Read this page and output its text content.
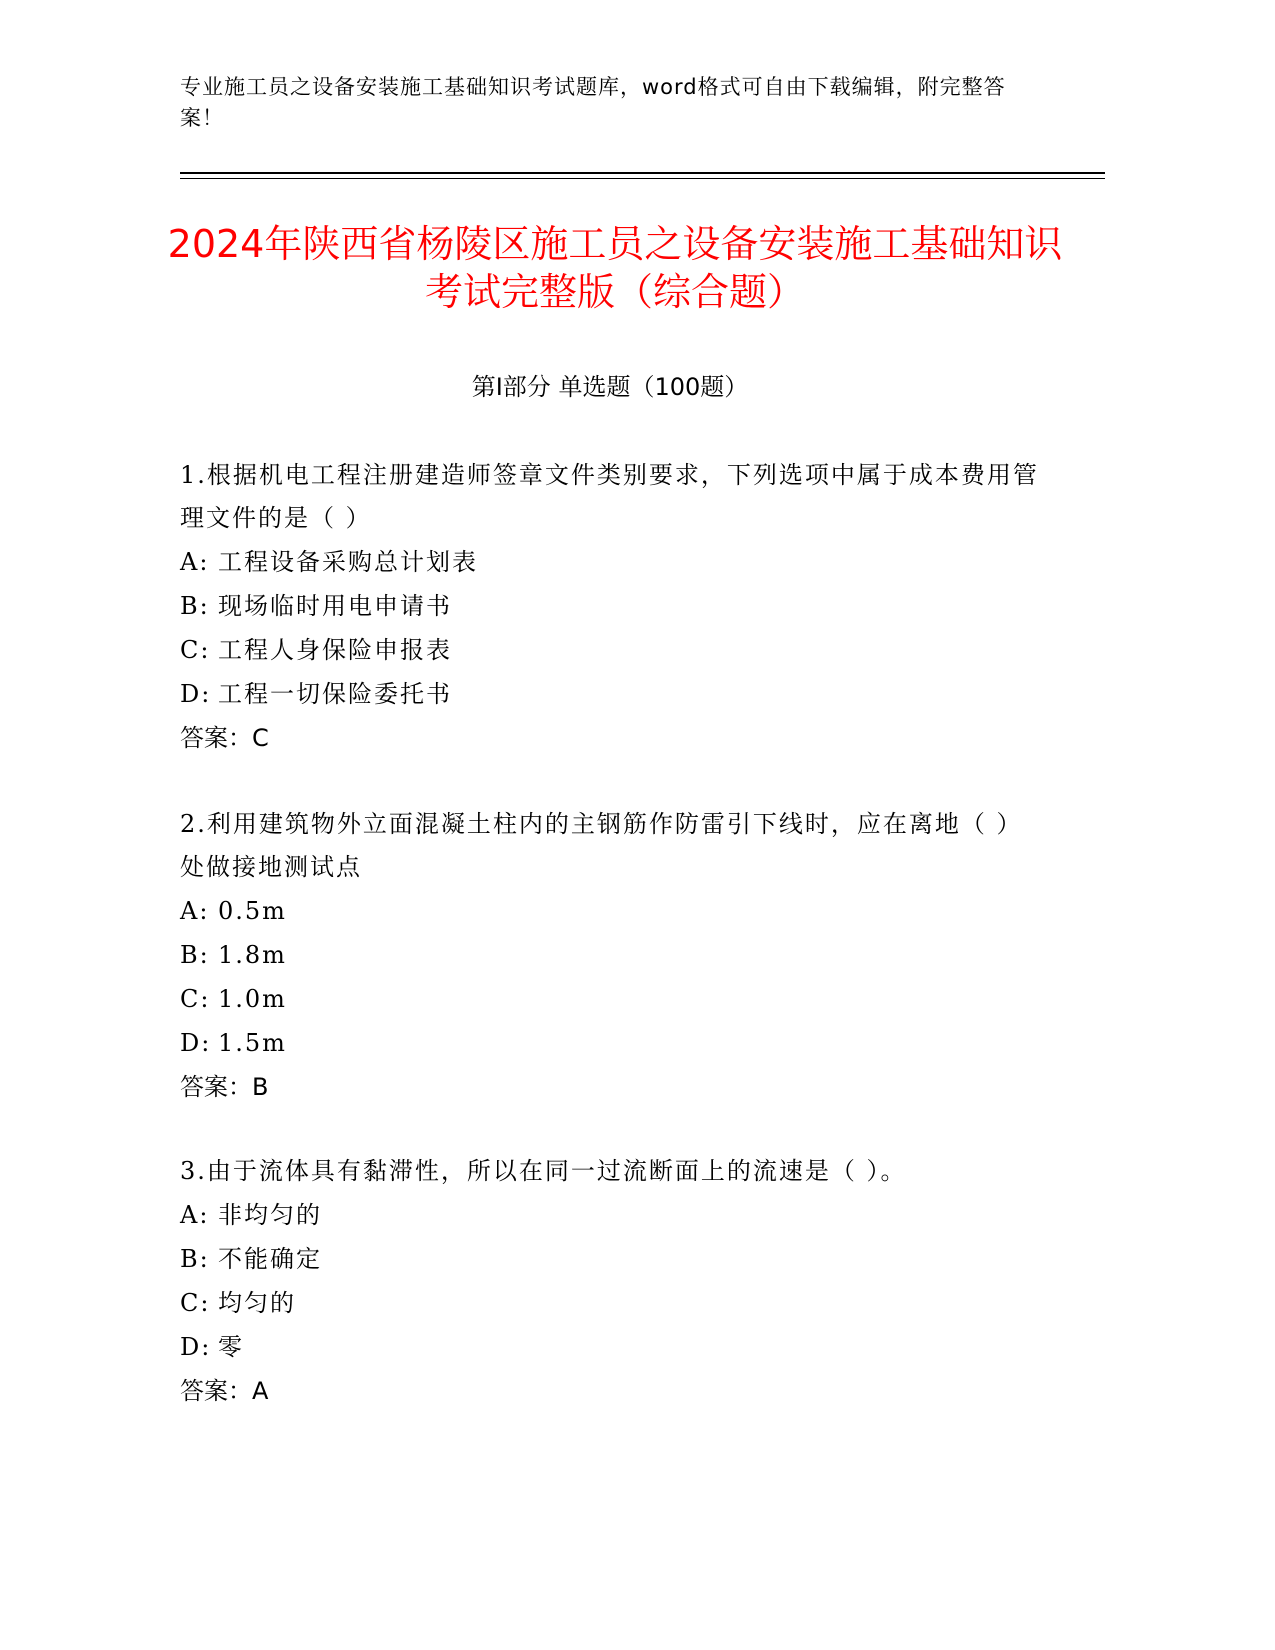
专业施工员之设备安装施工基础知识考试题库，word格式可自由下载编辑，附完整答案！
2024年陕西省杨陵区施工员之设备安装施工基础知识考试完整版（综合题）
第I部分 单选题（100题）
1.根据机电工程注册建造师签章文件类别要求，下列选项中属于成本费用管理文件的是（ ）
A: 工程设备采购总计划表
B: 现场临时用电申请书
C: 工程人身保险申报表
D: 工程一切保险委托书
答案：C
2.利用建筑物外立面混凝土柱内的主钢筋作防雷引下线时，应在离地（ ）处做接地测试点
A: 0.5m
B: 1.8m
C: 1.0m
D: 1.5m
答案：B
3.由于流体具有黏滞性，所以在同一过流断面上的流速是（ ）。
A: 非均匀的
B: 不能确定
C: 均匀的
D: 零
答案：A
